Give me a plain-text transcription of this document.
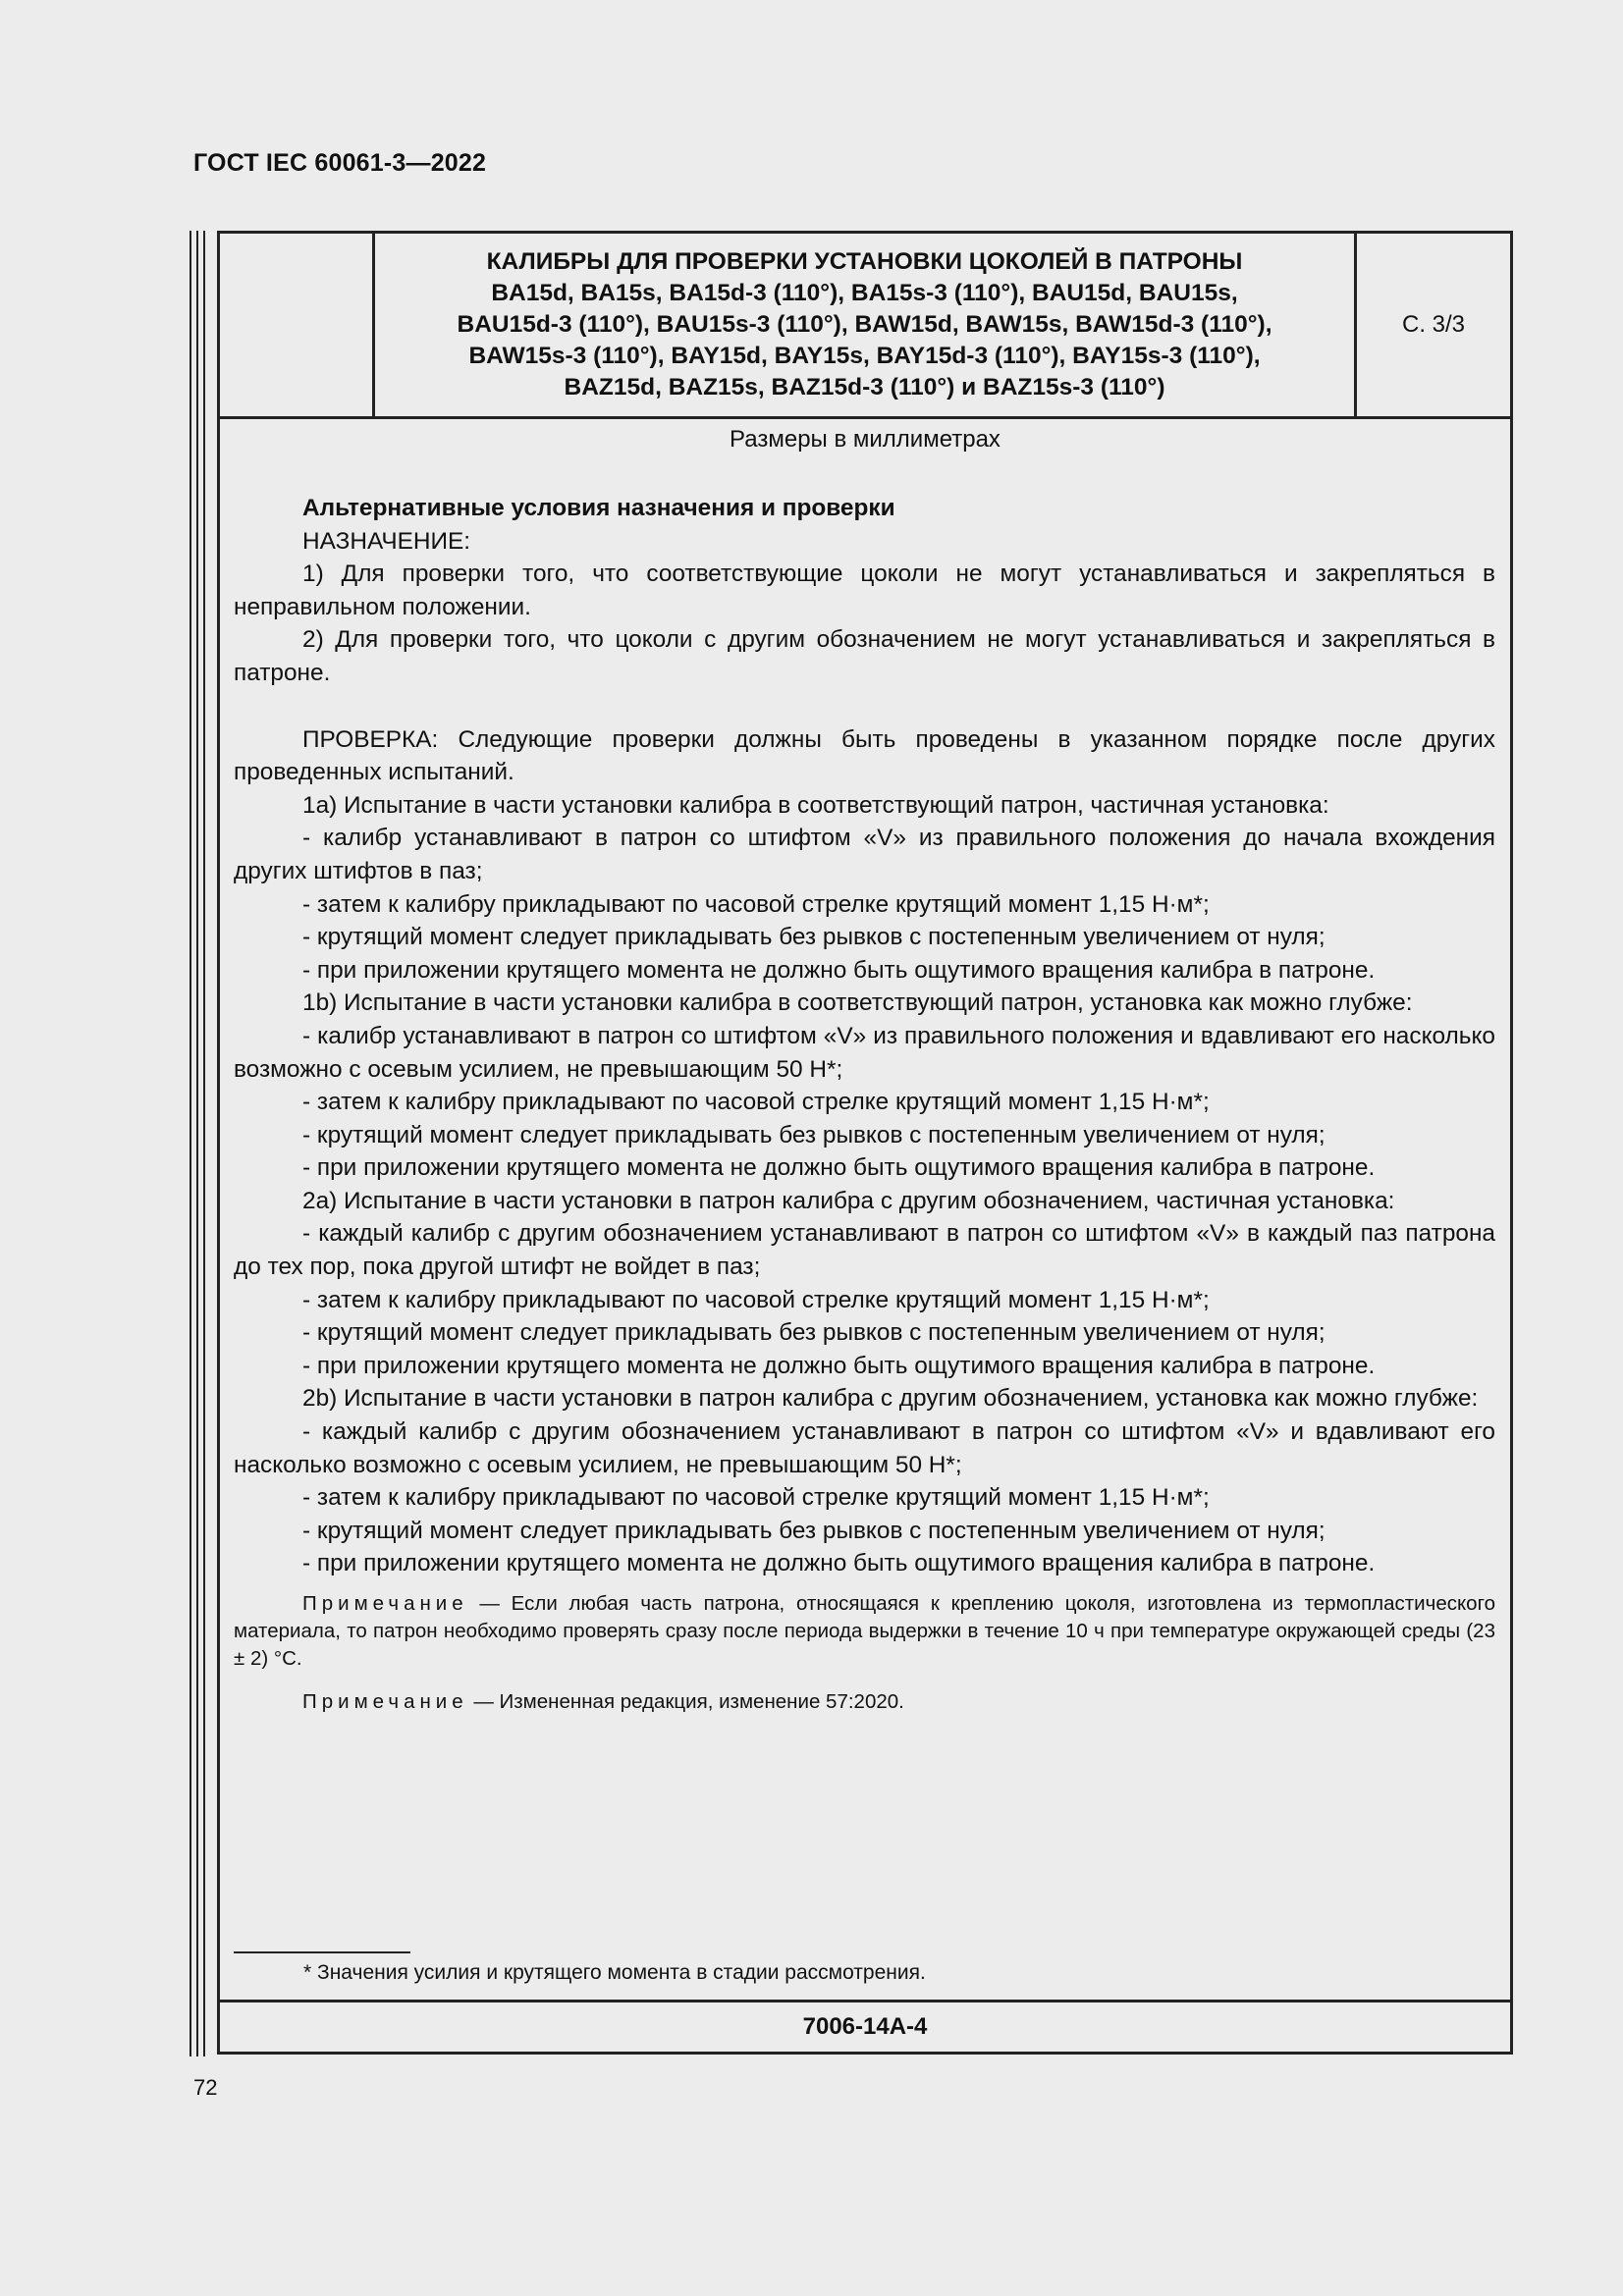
ГОСТ IEC 60061-3—2022
КАЛИБРЫ ДЛЯ ПРОВЕРКИ УСТАНОВКИ ЦОКОЛЕЙ В ПАТРОНЫ
BA15d, BA15s, BA15d-3 (110°), BA15s-3 (110°), BAU15d, BAU15s,
BAU15d-3 (110°), BAU15s-3 (110°), BAW15d, BAW15s, BAW15d-3 (110°),
BAW15s-3 (110°), BAY15d, BAY15s, BAY15d-3 (110°), BAY15s-3 (110°),
BAZ15d, BAZ15s, BAZ15d-3 (110°) и BAZ15s-3 (110°)
С. 3/3
Размеры в миллиметрах

Альтернативные условия назначения и проверки

НАЗНАЧЕНИЕ:

1) Для проверки того, что соответствующие цоколи не могут устанавливаться и закрепляться в неправильном положении.

2) Для проверки того, что цоколи с другим обозначением не могут устанавливаться и закрепляться в патроне.

ПРОВЕРКА: Следующие проверки должны быть проведены в указанном порядке после других проведенных испытаний.

1a) Испытание в части установки калибра в соответствующий патрон, частичная установка:

- калибр устанавливают в патрон со штифтом «V» из правильного положения до начала вхождения других штифтов в паз;

- затем к калибру прикладывают по часовой стрелке крутящий момент 1,15 Н·м*;

- крутящий момент следует прикладывать без рывков с постепенным увеличением от нуля;

- при приложении крутящего момента не должно быть ощутимого вращения калибра в патроне.

1b) Испытание в части установки калибра в соответствующий патрон, установка как можно глубже:

- калибр устанавливают в патрон со штифтом «V» из правильного положения и вдавливают его насколько возможно с осевым усилием, не превышающим 50 Н*;

- затем к калибру прикладывают по часовой стрелке крутящий момент 1,15 Н·м*;

- крутящий момент следует прикладывать без рывков с постепенным увеличением от нуля;

- при приложении крутящего момента не должно быть ощутимого вращения калибра в патроне.

2a) Испытание в части установки в патрон калибра с другим обозначением, частичная установка:

- каждый калибр с другим обозначением устанавливают в патрон со штифтом «V» в каждый паз патрона до тех пор, пока другой штифт не войдет в паз;

- затем к калибру прикладывают по часовой стрелке крутящий момент 1,15 Н·м*;

- крутящий момент следует прикладывать без рывков с постепенным увеличением от нуля;

- при приложении крутящего момента не должно быть ощутимого вращения калибра в патроне.

2b) Испытание в части установки в патрон калибра с другим обозначением, установка как можно глубже:

- каждый калибр с другим обозначением устанавливают в патрон со штифтом «V» и вдавливают его насколько возможно с осевым усилием, не превышающим 50 Н*;

- затем к калибру прикладывают по часовой стрелке крутящий момент 1,15 Н·м*;

- крутящий момент следует прикладывать без рывков с постепенным увеличением от нуля;

- при приложении крутящего момента не должно быть ощутимого вращения калибра в патроне.

Примечание — Если любая часть патрона, относящаяся к креплению цоколя, изготовлена из термопластического материала, то патрон необходимо проверять сразу после периода выдержки в течение 10 ч при температуре окружающей среды (23 ± 2) °С.

Примечание — Измененная редакция, изменение 57:2020.

* Значения усилия и крутящего момента в стадии рассмотрения.
7006-14A-4
72
